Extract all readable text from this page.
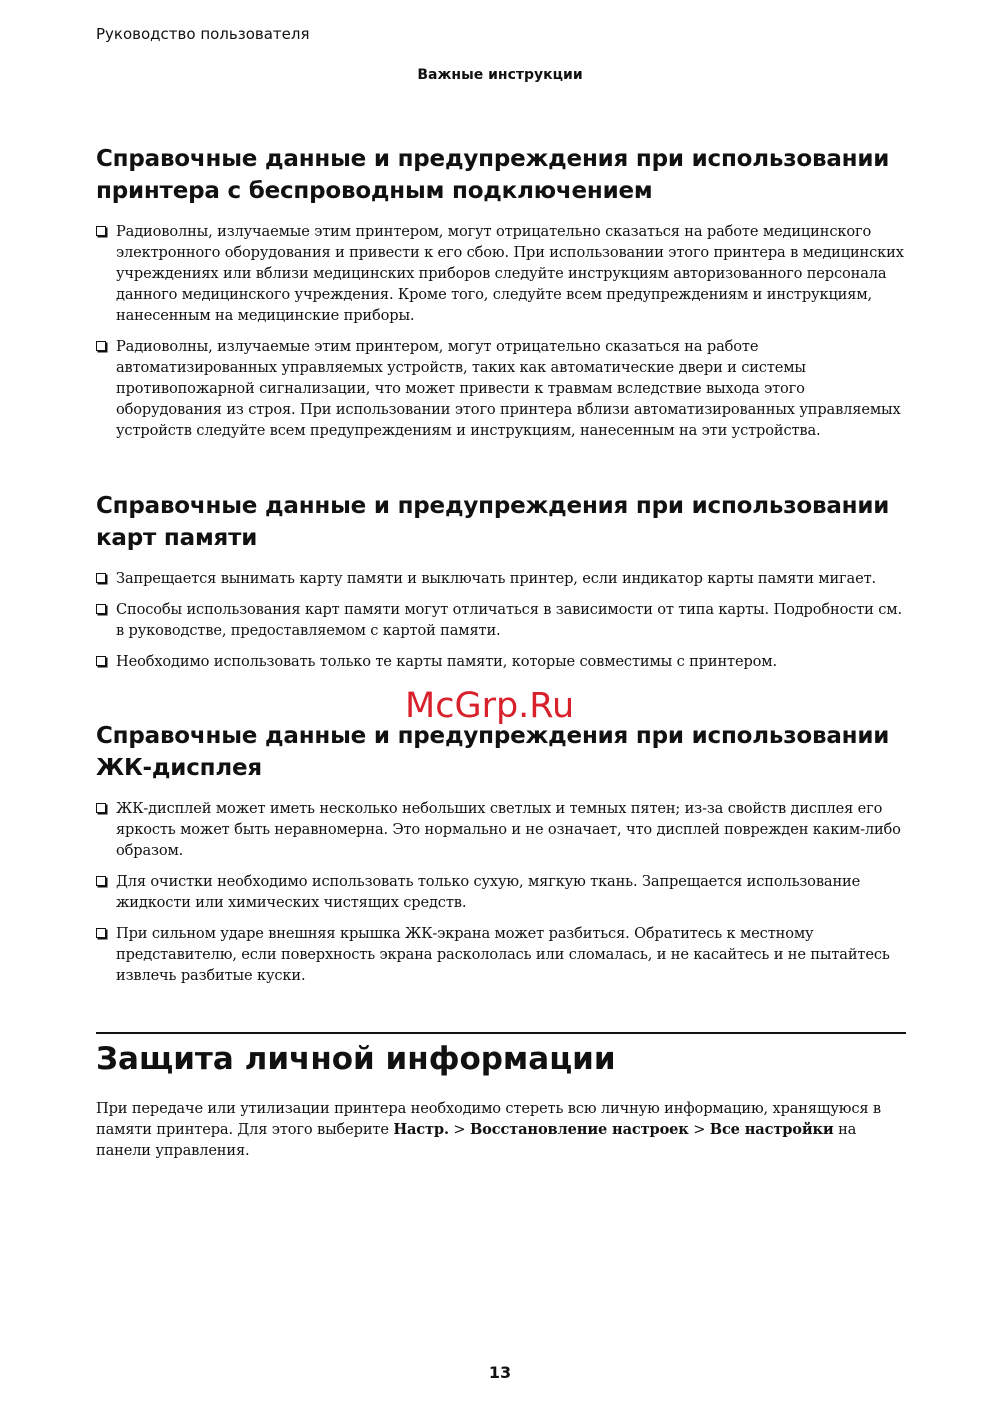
Руководство пользователя
Важные инструкции
Справочные данные и предупреждения при использовании принтера с беспроводным подключением
Радиоволны, излучаемые этим принтером, могут отрицательно сказаться на работе медицинского электронного оборудования и привести к его сбою. При использовании этого принтера в медицинских учреждениях или вблизи медицинских приборов следуйте инструкциям авторизованного персонала данного медицинского учреждения. Кроме того, следуйте всем предупреждениям и инструкциям, нанесенным на медицинские приборы.
Радиоволны, излучаемые этим принтером, могут отрицательно сказаться на работе автоматизированных управляемых устройств, таких как автоматические двери и системы противопожарной сигнализации, что может привести к травмам вследствие выхода этого оборудования из строя. При использовании этого принтера вблизи автоматизированных управляемых устройств следуйте всем предупреждениям и инструкциям, нанесенным на эти устройства.
Справочные данные и предупреждения при использовании карт памяти
Запрещается вынимать карту памяти и выключать принтер, если индикатор карты памяти мигает.
Способы использования карт памяти могут отличаться в зависимости от типа карты. Подробности см. в руководстве, предоставляемом с картой памяти.
Необходимо использовать только те карты памяти, которые совместимы с принтером.
Справочные данные и предупреждения при использовании ЖК-дисплея
ЖК-дисплей может иметь несколько небольших светлых и темных пятен; из-за свойств дисплея его яркость может быть неравномерна. Это нормально и не означает, что дисплей поврежден каким-либо образом.
Для очистки необходимо использовать только сухую, мягкую ткань. Запрещается использование жидкости или химических чистящих средств.
При сильном ударе внешняя крышка ЖК-экрана может разбиться. Обратитесь к местному представителю, если поверхность экрана раскололась или сломалась, и не касайтесь и не пытайтесь извлечь разбитые куски.
Защита личной информации

При передаче или утилизации принтера необходимо стереть всю личную информацию, хранящуюся в памяти принтера. Для этого выберите Настр. > Восстановление настроек > Все настройки на панели управления.

McGrp.Ru
13
